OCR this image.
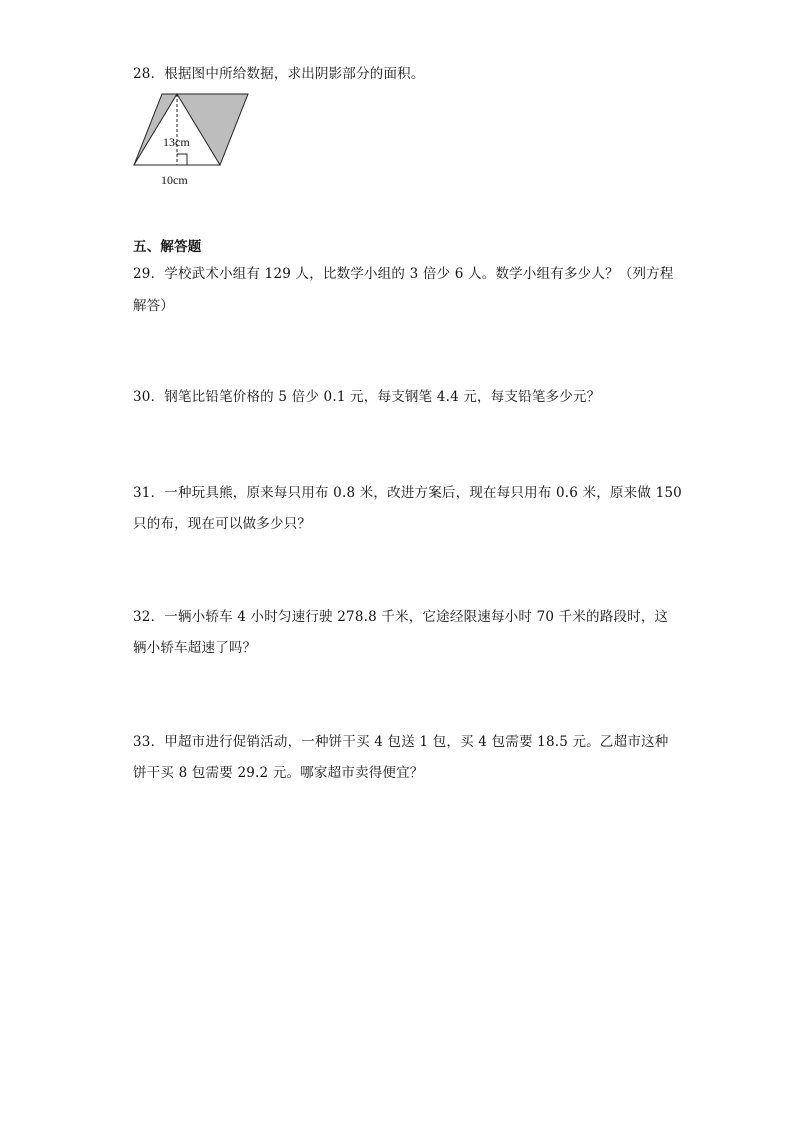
28．根据图中所给数据，求出阴影部分的面积。
13cm
10cm
五、解答题
29．学校武术小组有 129 人，比数学小组的 3 倍少 6 人。数学小组有多少人？（列方程
解答）
30．钢笔比铅笔价格的 5 倍少 0.1 元，每支钢笔 4.4 元，每支铅笔多少元？
31．一种玩具熊，原来每只用布 0.8 米，改进方案后，现在每只用布 0.6 米，原来做 150
只的布，现在可以做多少只？
32．一辆小轿车 4 小时匀速行驶 278.8 千米，它途经限速每小时 70 千米的路段时，这
辆小轿车超速了吗？
33．甲超市进行促销活动，一种饼干买 4 包送 1 包，买 4 包需要 18.5 元。乙超市这种
饼干买 8 包需要 29.2 元。哪家超市卖得便宜？
